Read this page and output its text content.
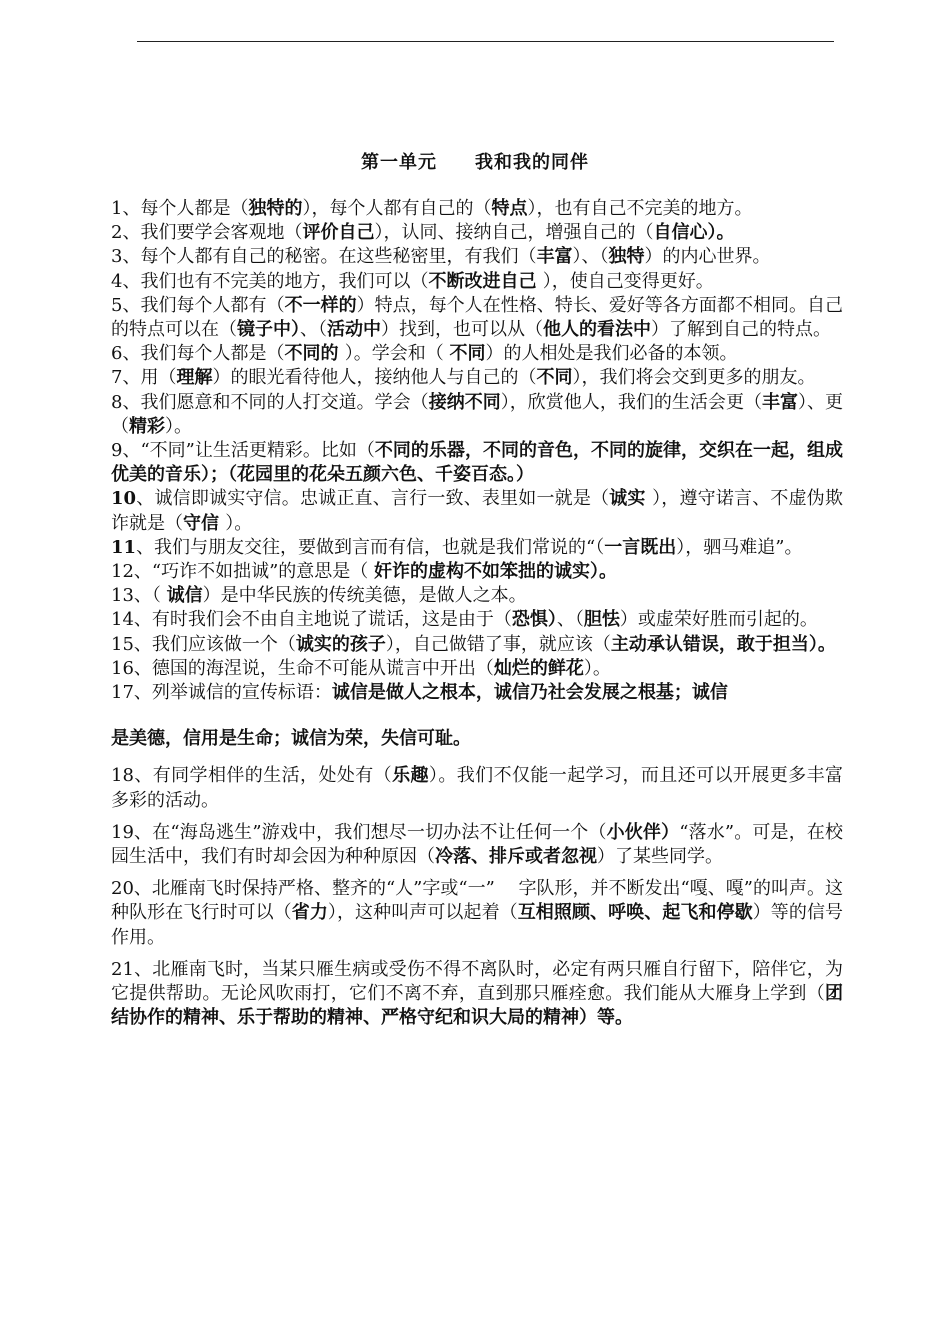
第一单元　　我和我的同伴

1、每个人都是（独特的），每个人都有自己的（特点），也有自己不完美的地方。

2、我们要学会客观地（评价自己），认同、接纳自己，增强自己的（自信心）。

3、每个人都有自己的秘密。在这些秘密里，有我们（丰富）、（独特）的内心世界。

4、我们也有不完美的地方，我们可以（不断改进自己 ），使自己变得更好。

5、我们每个人都有（不一样的）特点，每个人在性格、特长、爱好等各方面都不相同。自己的特点可以在（镜子中）、（活动中）找到，也可以从（他人的看法中）了解到自己的特点。

6、我们每个人都是（不同的 ）。学会和（ 不同）的人相处是我们必备的本领。

7、用（理解）的眼光看待他人，接纳他人与自己的（不同），我们将会交到更多的朋友。

8、我们愿意和不同的人打交道。学会（接纳不同），欣赏他人，我们的生活会更（丰富）、更（精彩）。

9、“不同”让生活更精彩。比如（不同的乐器，不同的音色，不同的旋律，交织在一起，组成优美的音乐）；（花园里的花朵五颜六色、千姿百态。）

10、诚信即诚实守信。忠诚正直、言行一致、表里如一就是（诚实 ），遵守诺言、不虚伪欺诈就是（守信 ）。

11、我们与朋友交往，要做到言而有信，也就是我们常说的“（一言既出），驷马难追”。

12、“巧诈不如拙诚”的意思是（ 奸诈的虚构不如笨拙的诚实）。

13、（ 诚信）是中华民族的传统美德，是做人之本。

14、有时我们会不由自主地说了谎话，这是由于（恐惧）、（胆怯）或虚荣好胜而引起的。

15、我们应该做一个（诚实的孩子），自己做错了事，就应该（主动承认错误，敢于担当）。

16、德国的海涅说，生命不可能从谎言中开出（灿烂的鲜花）。

17、列举诚信的宣传标语：诚信是做人之根本，诚信乃社会发展之根基；诚信

是美德，信用是生命；诚信为荣，失信可耻。

18、有同学相伴的生活，处处有（乐趣）。我们不仅能一起学习，而且还可以开展更多丰富多彩的活动。

19、在“海岛逃生”游戏中，我们想尽一切办法不让任何一个（小伙伴）“落水”。可是，在校园生活中，我们有时却会因为种种原因（冷落、排斥或者忽视）了某些同学。

20、北雁南飞时保持严格、整齐的“人”字或“一”　 字队形，并不断发出“嘎、嘎”的叫声。这种队形在飞行时可以（省力），这种叫声可以起着（互相照顾、呼唤、起飞和停歇）等的信号作用。

21、北雁南飞时，当某只雁生病或受伤不得不离队时，必定有两只雁自行留下，陪伴它，为它提供帮助。无论风吹雨打，它们不离不弃，直到那只雁痊愈。我们能从大雁身上学到（团结协作的精神、乐于帮助的精神、严格守纪和识大局的精神）等。
